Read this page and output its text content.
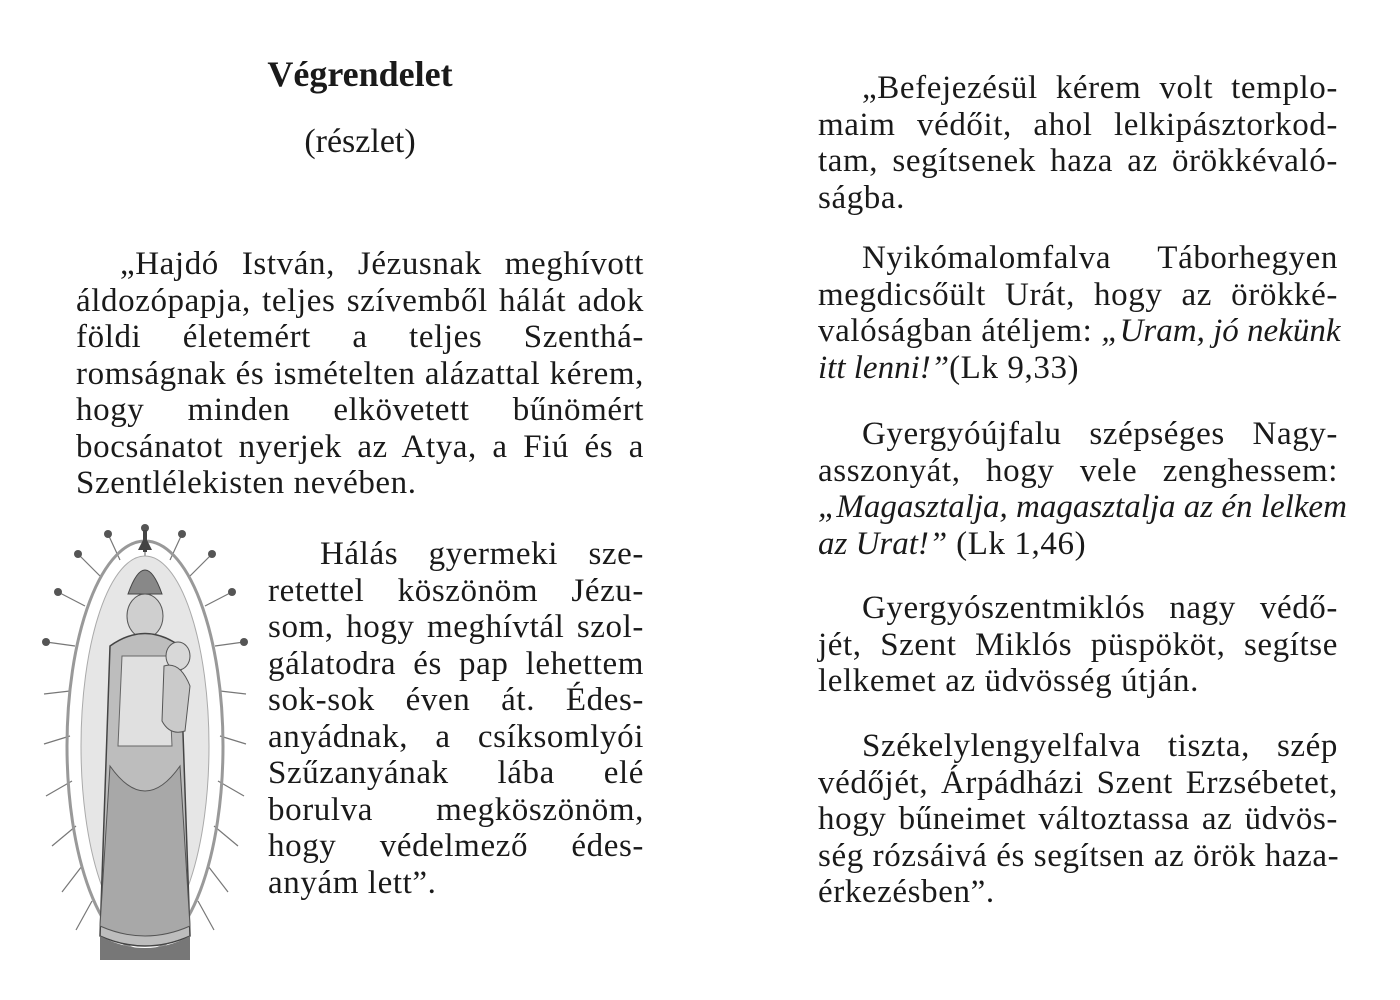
Végrendelet
(részlet)

„Hajdó István, Jézusnak meghívott
áldozópapja, teljes szívemből hálát adok
földi életemért a teljes Szenthá-
romságnak és ismételten alázattal kérem,
hogy minden elkövetett bűnömért
bocsánatot nyerjek az Atya, a Fiú és a
Szentlélekisten nevében.

Hálás gyermeki sze-
retettel köszönöm Jézu-
som, hogy meghívtál szol-
gálatodra és pap lehettem
sok-sok éven át. Édes-
anyádnak, a csíksomlyói
Szűzanyának lába elé
borulva megköszönöm,
hogy védelmező édes-
anyám lett”.

„Befejezésül kérem volt templo-
maim védőit, ahol lelkipásztorkod-
tam, segítsenek haza az örökkévaló-
ságba.

Nyikómalomfalva Táborhegyen
megdicsőült Urát, hogy az örökké-
valóságban átéljem: „Uram, jó nekünk
itt lenni!”(Lk 9,33)

Gyergyóújfalu szépséges Nagy-
asszonyát, hogy vele zenghessem:
„Magasztalja, magasztalja az én lelkem
az Urat!” (Lk 1,46)

Gyergyószentmiklós nagy védő-
jét, Szent Miklós püspököt, segítse
lelkemet az üdvösség útján.

Székelylengyelfalva tiszta, szép
védőjét, Árpádházi Szent Erzsébetet,
hogy bűneimet változtassa az üdvös-
ség rózsáivá és segítsen az örök haza-
érkezésben”.
